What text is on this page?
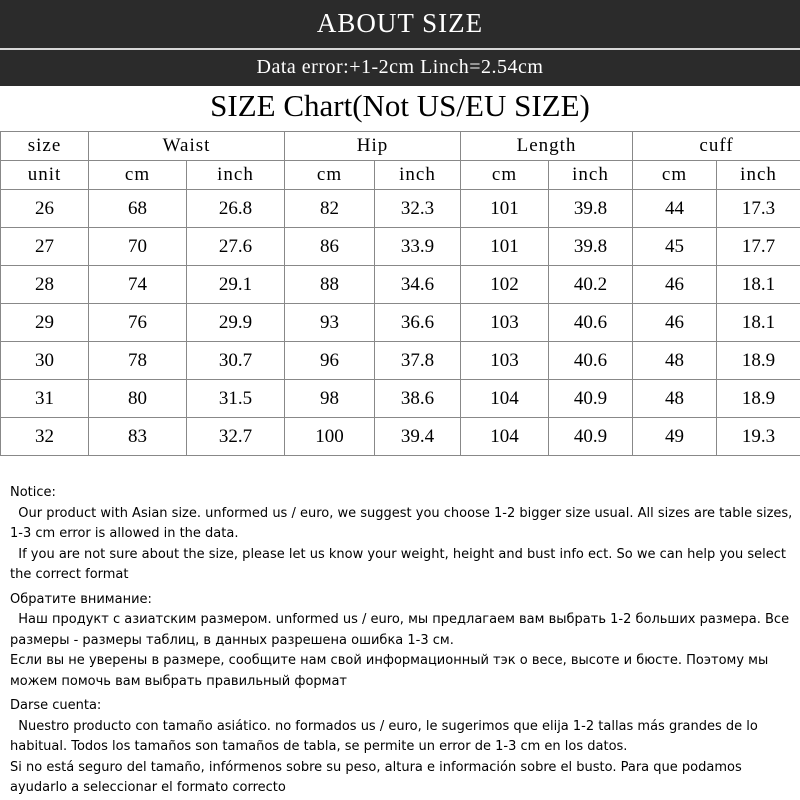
ABOUT SIZE
Data error:+1-2cm Linch=2.54cm
SIZE Chart(Not US/EU SIZE)
size	Waist		Hip		Length		cuff	
unit	cm	inch	cm	inch	cm	inch	cm	inch
26	68	26.8	82	32.3	101	39.8	44	17.3
27	70	27.6	86	33.9	101	39.8	45	17.7
28	74	29.1	88	34.6	102	40.2	46	18.1
29	76	29.9	93	36.6	103	40.6	46	18.1
30	78	30.7	96	37.8	103	40.6	48	18.9
31	80	31.5	98	38.6	104	40.9	48	18.9
32	83	32.7	100	39.4	104	40.9	49	19.3

Notice:

Our product with Asian size. unformed us / euro, we suggest you choose 1-2 bigger size usual. All sizes are table sizes, 1-3 cm error is allowed in the data.

If you are not sure about the size, please let us know your weight, height and bust info ect. So we can help you select the correct format

Обратите внимание:

Наш продукт с азиатским размером. unformed us / euro, мы предлагаем вам выбрать 1-2 больших размера. Все размеры - размеры таблиц, в данных разрешена ошибка 1-3 см.

Если вы не уверены в размере, сообщите нам свой информационный тэк о весе, высоте и бюсте. Поэтому мы можем помочь вам выбрать правильный формат

Darse cuenta:

Nuestro producto con tamaño asiático. no formados us / euro, le sugerimos que elija 1-2 tallas más grandes de lo habitual. Todos los tamaños son tamaños de tabla, se permite un error de 1-3 cm en los datos.

Si no está seguro del tamaño, infórmenos sobre su peso, altura e información sobre el busto. Para que podamos ayudarlo a seleccionar el formato correcto
